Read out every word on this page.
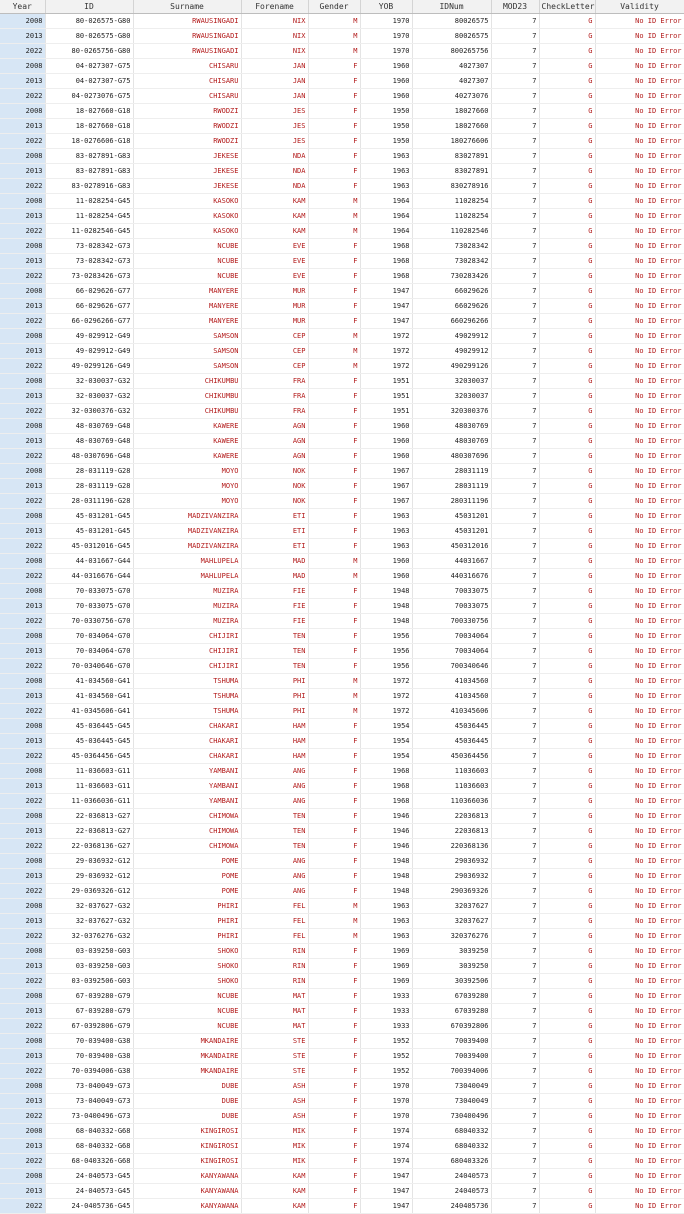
Year	ID	Surname	Forename	Gender	YOB	IDNum	MOD23	CheckLetter	Validity
2008	80-026575-G80	RWAUSINGADI	NIX	M	1970	80026575	7	G	No ID Error
2013	80-026575-G80	RWAUSINGADI	NIX	M	1970	80026575	7	G	No ID Error
2022	80-0265756-G80	RWAUSINGADI	NIX	M	1970	800265756	7	G	No ID Error
2008	04-027307-G75	CHISARU	JAN	F	1960	4027307	7	G	No ID Error
2013	04-027307-G75	CHISARU	JAN	F	1960	4027307	7	G	No ID Error
2022	04-0273076-G75	CHISARU	JAN	F	1960	40273076	7	G	No ID Error
2008	18-027660-G18	RWODZI	JES	F	1950	18027660	7	G	No ID Error
2013	18-027660-G18	RWODZI	JES	F	1950	18027660	7	G	No ID Error
2022	18-0276606-G18	RWODZI	JES	F	1950	180276606	7	G	No ID Error
2008	83-027891-G83	JEKESE	NDA	F	1963	83027891	7	G	No ID Error
2013	83-027891-G83	JEKESE	NDA	F	1963	83027891	7	G	No ID Error
2022	83-0278916-G83	JEKESE	NDA	F	1963	830278916	7	G	No ID Error
2008	11-028254-G45	KASOKO	KAM	M	1964	11028254	7	G	No ID Error
2013	11-028254-G45	KASOKO	KAM	M	1964	11028254	7	G	No ID Error
2022	11-0282546-G45	KASOKO	KAM	M	1964	110282546	7	G	No ID Error
2008	73-028342-G73	NCUBE	EVE	F	1968	73028342	7	G	No ID Error
2013	73-028342-G73	NCUBE	EVE	F	1968	73028342	7	G	No ID Error
2022	73-0283426-G73	NCUBE	EVE	F	1968	730283426	7	G	No ID Error
2008	66-029626-G77	MANYERE	MUR	F	1947	66029626	7	G	No ID Error
2013	66-029626-G77	MANYERE	MUR	F	1947	66029626	7	G	No ID Error
2022	66-0296266-G77	MANYERE	MUR	F	1947	660296266	7	G	No ID Error
2008	49-029912-G49	SAMSON	CEP	M	1972	49029912	7	G	No ID Error
2013	49-029912-G49	SAMSON	CEP	M	1972	49029912	7	G	No ID Error
2022	49-0299126-G49	SAMSON	CEP	M	1972	490299126	7	G	No ID Error
2008	32-030037-G32	CHIKUMBU	FRA	F	1951	32030037	7	G	No ID Error
2013	32-030037-G32	CHIKUMBU	FRA	F	1951	32030037	7	G	No ID Error
2022	32-0300376-G32	CHIKUMBU	FRA	F	1951	320300376	7	G	No ID Error
2008	48-030769-G48	KAWERE	AGN	F	1960	48030769	7	G	No ID Error
2013	48-030769-G48	KAWERE	AGN	F	1960	48030769	7	G	No ID Error
2022	48-0307696-G48	KAWERE	AGN	F	1960	480307696	7	G	No ID Error
2008	28-031119-G28	MOYO	NOK	F	1967	28031119	7	G	No ID Error
2013	28-031119-G28	MOYO	NOK	F	1967	28031119	7	G	No ID Error
2022	28-0311196-G28	MOYO	NOK	F	1967	280311196	7	G	No ID Error
2008	45-031201-G45	MADZIVANZIRA	ETI	F	1963	45031201	7	G	No ID Error
2013	45-031201-G45	MADZIVANZIRA	ETI	F	1963	45031201	7	G	No ID Error
2022	45-0312016-G45	MADZIVANZIRA	ETI	F	1963	450312016	7	G	No ID Error
2008	44-031667-G44	MAHLUPELA	MAD	M	1960	44031667	7	G	No ID Error
2022	44-0316676-G44	MAHLUPELA	MAD	M	1960	440316676	7	G	No ID Error
2008	70-033075-G70	MUZIRA	FIE	F	1948	70033075	7	G	No ID Error
2013	70-033075-G70	MUZIRA	FIE	F	1948	70033075	7	G	No ID Error
2022	70-0330756-G70	MUZIRA	FIE	F	1948	700330756	7	G	No ID Error
2008	70-034064-G70	CHIJIRI	TEN	F	1956	70034064	7	G	No ID Error
2013	70-034064-G70	CHIJIRI	TEN	F	1956	70034064	7	G	No ID Error
2022	70-0340646-G70	CHIJIRI	TEN	F	1956	700340646	7	G	No ID Error
2008	41-034560-G41	TSHUMA	PHI	M	1972	41034560	7	G	No ID Error
2013	41-034560-G41	TSHUMA	PHI	M	1972	41034560	7	G	No ID Error
2022	41-0345606-G41	TSHUMA	PHI	M	1972	410345606	7	G	No ID Error
2008	45-036445-G45	CHAKARI	HAM	F	1954	45036445	7	G	No ID Error
2013	45-036445-G45	CHAKARI	HAM	F	1954	45036445	7	G	No ID Error
2022	45-0364456-G45	CHAKARI	HAM	F	1954	450364456	7	G	No ID Error
2008	11-036603-G11	YAMBANI	ANG	F	1968	11036603	7	G	No ID Error
2013	11-036603-G11	YAMBANI	ANG	F	1968	11036603	7	G	No ID Error
2022	11-0366036-G11	YAMBANI	ANG	F	1968	110366036	7	G	No ID Error
2008	22-036813-G27	CHIMOWA	TEN	F	1946	22036813	7	G	No ID Error
2013	22-036813-G27	CHIMOWA	TEN	F	1946	22036813	7	G	No ID Error
2022	22-0368136-G27	CHIMOWA	TEN	F	1946	220368136	7	G	No ID Error
2008	29-036932-G12	POME	ANG	F	1948	29036932	7	G	No ID Error
2013	29-036932-G12	POME	ANG	F	1948	29036932	7	G	No ID Error
2022	29-0369326-G12	POME	ANG	F	1948	290369326	7	G	No ID Error
2008	32-037627-G32	PHIRI	FEL	M	1963	32037627	7	G	No ID Error
2013	32-037627-G32	PHIRI	FEL	M	1963	32037627	7	G	No ID Error
2022	32-0376276-G32	PHIRI	FEL	M	1963	320376276	7	G	No ID Error
2008	03-039250-G03	SHOKO	RIN	F	1969	3039250	7	G	No ID Error
2013	03-039250-G03	SHOKO	RIN	F	1969	3039250	7	G	No ID Error
2022	03-0392506-G03	SHOKO	RIN	F	1969	30392506	7	G	No ID Error
2008	67-039280-G79	NCUBE	MAT	F	1933	67039280	7	G	No ID Error
2013	67-039280-G79	NCUBE	MAT	F	1933	67039280	7	G	No ID Error
2022	67-0392806-G79	NCUBE	MAT	F	1933	670392806	7	G	No ID Error
2008	70-039400-G38	MKANDAIRE	STE	F	1952	70039400	7	G	No ID Error
2013	70-039400-G38	MKANDAIRE	STE	F	1952	70039400	7	G	No ID Error
2022	70-0394006-G38	MKANDAIRE	STE	F	1952	700394006	7	G	No ID Error
2008	73-040049-G73	DUBE	ASH	F	1970	73040049	7	G	No ID Error
2013	73-040049-G73	DUBE	ASH	F	1970	73040049	7	G	No ID Error
2022	73-0400496-G73	DUBE	ASH	F	1970	730400496	7	G	No ID Error
2008	68-040332-G68	KINGIROSI	MIK	F	1974	68040332	7	G	No ID Error
2013	68-040332-G68	KINGIROSI	MIK	F	1974	68040332	7	G	No ID Error
2022	68-0403326-G68	KINGIROSI	MIK	F	1974	680403326	7	G	No ID Error
2008	24-040573-G45	KANYAWANA	KAM	F	1947	24040573	7	G	No ID Error
2013	24-040573-G45	KANYAWANA	KAM	F	1947	24040573	7	G	No ID Error
2022	24-0405736-G45	KANYAWANA	KAM	F	1947	240405736	7	G	No ID Error
